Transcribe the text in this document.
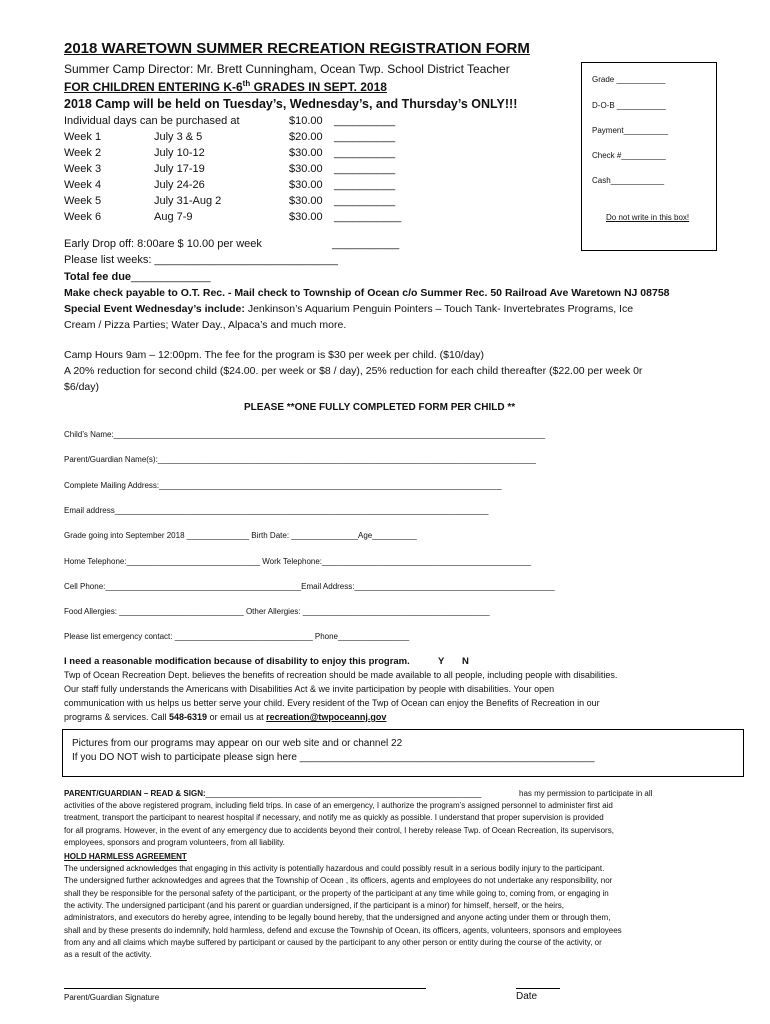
2018 WARETOWN SUMMER RECREATION REGISTRATION FORM
Summer Camp Director: Mr. Brett Cunningham, Ocean Twp. School District Teacher
FOR CHILDREN ENTERING K-6th GRADES IN SEPT. 2018
2018 Camp will be held on Tuesday’s, Wednesday’s, and Thursday’s ONLY!!!
Individual days can be purchased at	$10.00 __________
Week 1	July 3 & 5	$20.00 __________
Week 2	July 10-12	$30.00 __________
Week 3	July 17-19	$30.00 __________
Week 4	July 24-26	$30.00 __________
Week 5	July 31-Aug 2	$30.00 __________
Week 6	Aug 7-9	$30.00 ___________
Early Drop off: 8:00are $ 10.00 per week	___________
Please list weeks: ______________________________
Total fee due_____________
Grade ___________
D-O-B ___________
Payment__________
Check #__________
Cash____________
Do not write in this box!
Make check payable to O.T. Rec. - Mail check to Township of Ocean c/o Summer Rec. 50 Railroad Ave Waretown NJ 08758
Special Event Wednesday’s include: Jenkinson’s Aquarium Penguin Pointers – Touch Tank- Invertebrates Programs, Ice
Cream / Pizza Parties; Water Day., Alpaca’s and much more.
Camp Hours 9am – 12:00pm. The fee for the program is $30 per week per child. ($10/day)
A 20% reduction for second child ($24.00. per week or $8 / day), 25% reduction for each child thereafter ($22.00 per week 0r
$6/day)
PLEASE **ONE FULLY COMPLETED FORM PER CHILD **
Child’s Name:_________________________________________________________________________________________________
Parent/Guardian Name(s):_____________________________________________________________________________________
Complete Mailing Address:_____________________________________________________________________________
Email address____________________________________________________________________________________
Grade going into September 2018 ______________ Birth Date: _______________Age__________
Home Telephone:______________________________ Work Telephone:_______________________________________________
Cell Phone:____________________________________________Email Address:_____________________________________________
Food Allergies: ____________________________ Other Allergies: __________________________________________
Please list emergency contact: _______________________________ Phone________________
I need a reasonable modification because of disability to enjoy this program.	Y N
Twp of Ocean Recreation Dept. believes the benefits of recreation should be made available to all people, including people with disabilities.
Our staff fully understands the Americans with Disabilities Act & we invite participation by people with disabilities. Your open
communication with us helps us better serve your child. Every resident of the Twp of Ocean can enjoy the Benefits of Recreation in our
programs & services. Call 548-6319 or email us at recreation@twpoceannj.gov
Pictures from our programs may appear on our web site and or channel 22
If you DO NOT wish to participate please sign here _____________________________________________________
PARENT/GUARDIAN – READ & SIGN:______________________________________________________________	has my permission to participate in all
activities of the above registered program, including field trips. In case of an emergency, I authorize the program’s assigned personnel to administer first aid
treatment, transport the participant to nearest hospital if necessary, and notify me as quickly as possible. I understand that proper supervision is provided
for all programs. However, in the event of any emergency due to accidents beyond their control, I hereby release Twp. of Ocean Recreation, its supervisors,
employees, sponsors and program volunteers, from all liability.
HOLD HARMLESS AGREEMENT
The undersigned acknowledges that engaging in this activity is potentially hazardous and could possibly result in a serious bodily injury to the participant.
The undersigned further acknowledges and agrees that the Township of Ocean , its officers, agents and employees do not undertake any responsibility, nor
shall they be responsible for the personal safety of the participant, or the property of the participant at any time while going to, coming from, or engaging in
the activity. The undersigned participant (and his parent or guardian undersigned, if the participant is a minor) for himself, herself, or the heirs,
administrators, and executors do hereby agree, intending to be legally bound hereby, that the undersigned and anyone acting under them or through them,
shall and by these presents do indemnify, hold harmless, defend and excuse the Township of Ocean, its officers, agents, volunteers, sponsors and employees
from any and all claims which maybe suffered by participant or caused by the participant to any other person or entity during the course of the activity, or
as a result of the activity.
Parent/Guardian Signature	Date
